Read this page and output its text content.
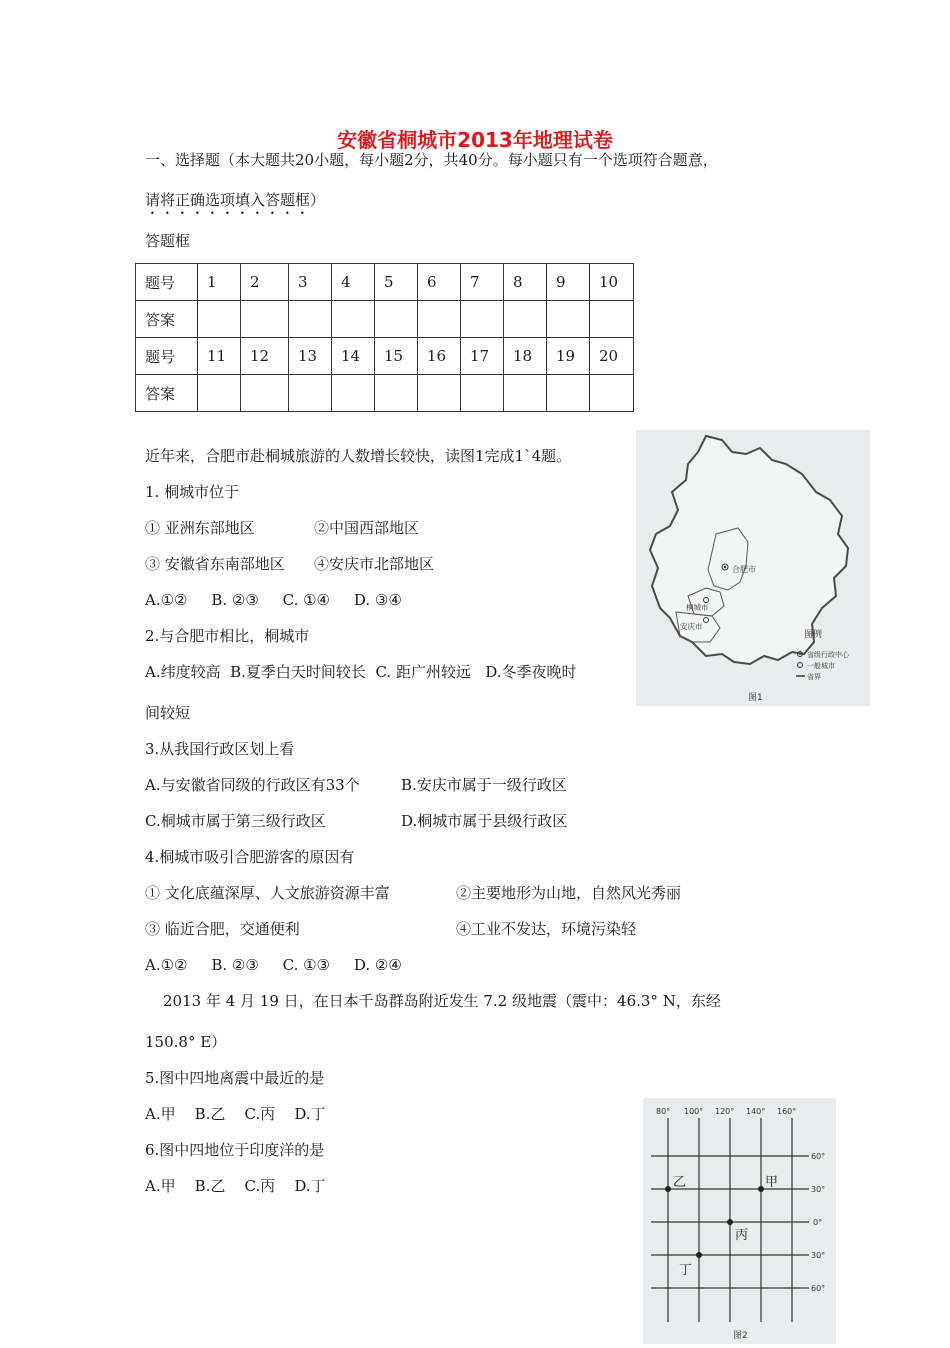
安徽省桐城市2013年地理试卷
一、选择题（本大题共20小题，每小题2分，共40分。每小题只有一个选项符合题意，
请将正确选项填入答题框）
答题框
题号	1	2	3	4	5	6	7	8	9	10
答案										
题号	11	12	13	14	15	16	17	18	19	20
答案										
近年来，合肥市赴桐城旅游的人数增长较快，读图1完成1`4题。
1. 桐城市位于
① 亚洲东部地区	②中国西部地区
③ 安徽省东南部地区 ④安庆市北部地区
A.①②     B. ②③     C. ①④     D. ③④
2.与合肥市相比，桐城市
A.纬度较高  B.夏季白天时间较长  C. 距广州较远   D.冬季夜晚时
间较短
3.从我国行政区划上看
A.与安徽省同级的行政区有33个	B.安庆市属于一级行政区
C.桐城市属于第三级行政区	D.桐城市属于县级行政区
4.桐城市吸引合肥游客的原因有
① 文化底蕴深厚、人文旅游资源丰富	②主要地形为山地，自然风光秀丽
③ 临近合肥，交通便利	④工业不发达，环境污染轻
A.①②     B. ②③     C. ①③     D. ②④
2013 年 4 月 19 日，在日本千岛群岛附近发生 7.2 级地震（震中：46.3° N，东经
150.8° E）
5.图中四地离震中最近的是
A.甲    B.乙    C.丙    D.丁
6.图中四地位于印度洋的是
A.甲    B.乙    C.丙    D.丁
合肥市
桐城市
安庆市
图例
省级行政中心
一般城市
省界
图1
80° 100° 120° 140° 160°
60°
30°
0°
30°
60°
乙	甲
丙
丁
图2
